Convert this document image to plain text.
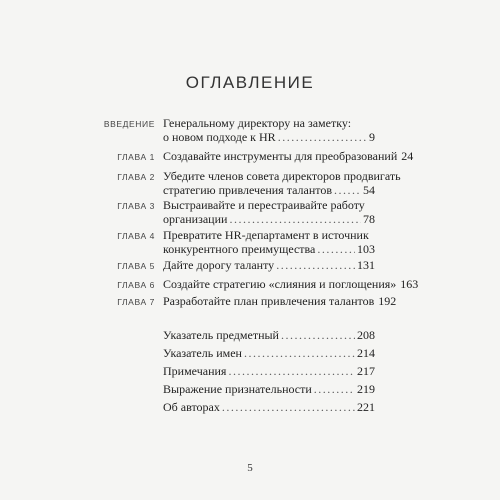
ОГЛАВЛЕНИЕ
ВВЕДЕНИЕ Генеральному директору на заметку:
о новом подходе к HR .....	9
ГЛАВА 1 Создавайте инструменты для преобразований 24
ГЛАВА 2 Убедите членов совета директоров продвигать
стратегию привлечения талантов .....	54
ГЛАВА 3 Выстраивайте и перестраивайте работу
организации .....	78
ГЛАВА 4 Превратите HR-департамент в источник
конкурентного преимущества .....	103
ГЛАВА 5 Дайте дорогу таланту .....	131
ГЛАВА 6 Создайте стратегию «слияния и поглощения» 163
ГЛАВА 7 Разработайте план привлечения талантов 192
Указатель предметный .....	208
Указатель имен .....	214
Примечания .....	217
Выражение признательности .....	219
Об авторах .....	221
5
